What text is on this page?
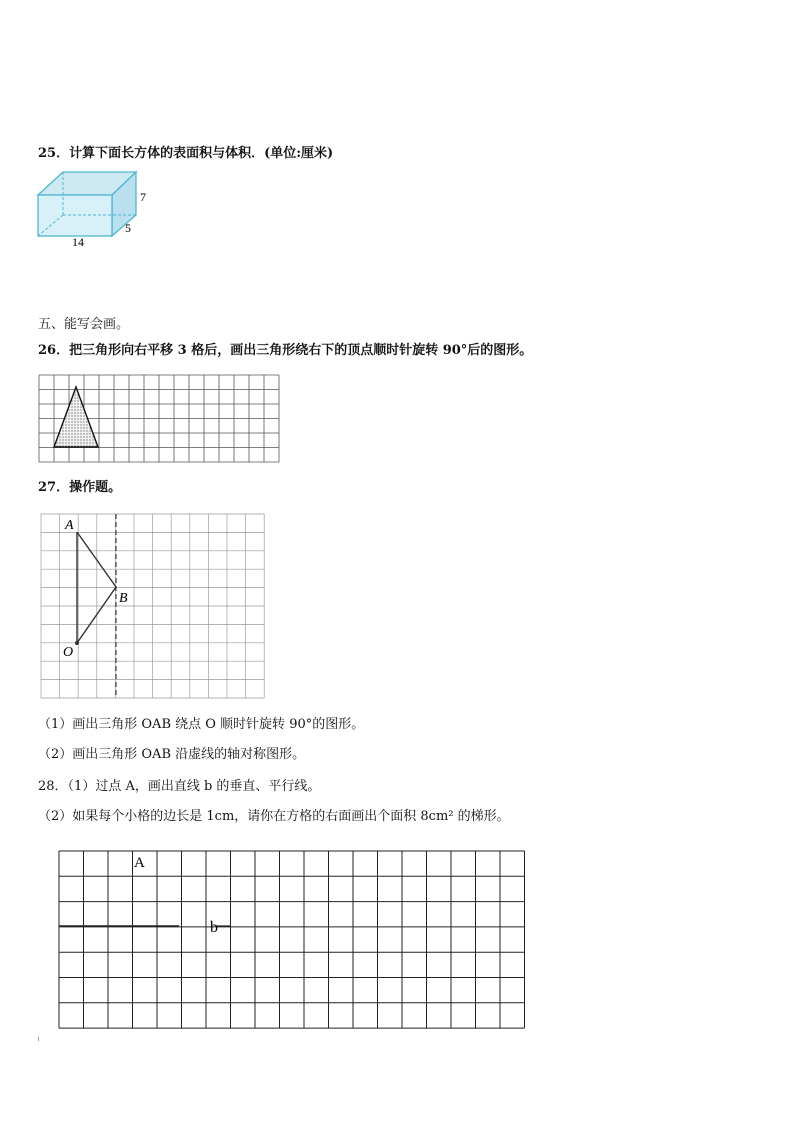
25．计算下面长方体的表面积与体积．(单位:厘米)
7
14
5
五、能写会画。
26．把三角形向右平移 3 格后，画出三角形绕右下的顶点顺时针旋转 90°后的图形。
27．操作题。
A
B
O
（1）画出三角形 OAB 绕点 O 顺时针旋转 90°的图形。
（2）画出三角形 OAB 沿虚线的轴对称图形。
28．（1）过点 A，画出直线 b 的垂直、平行线。
（2）如果每个小格的边长是 1cm，请你在方格的右面画出个面积 8cm² 的梯形。
A
b
